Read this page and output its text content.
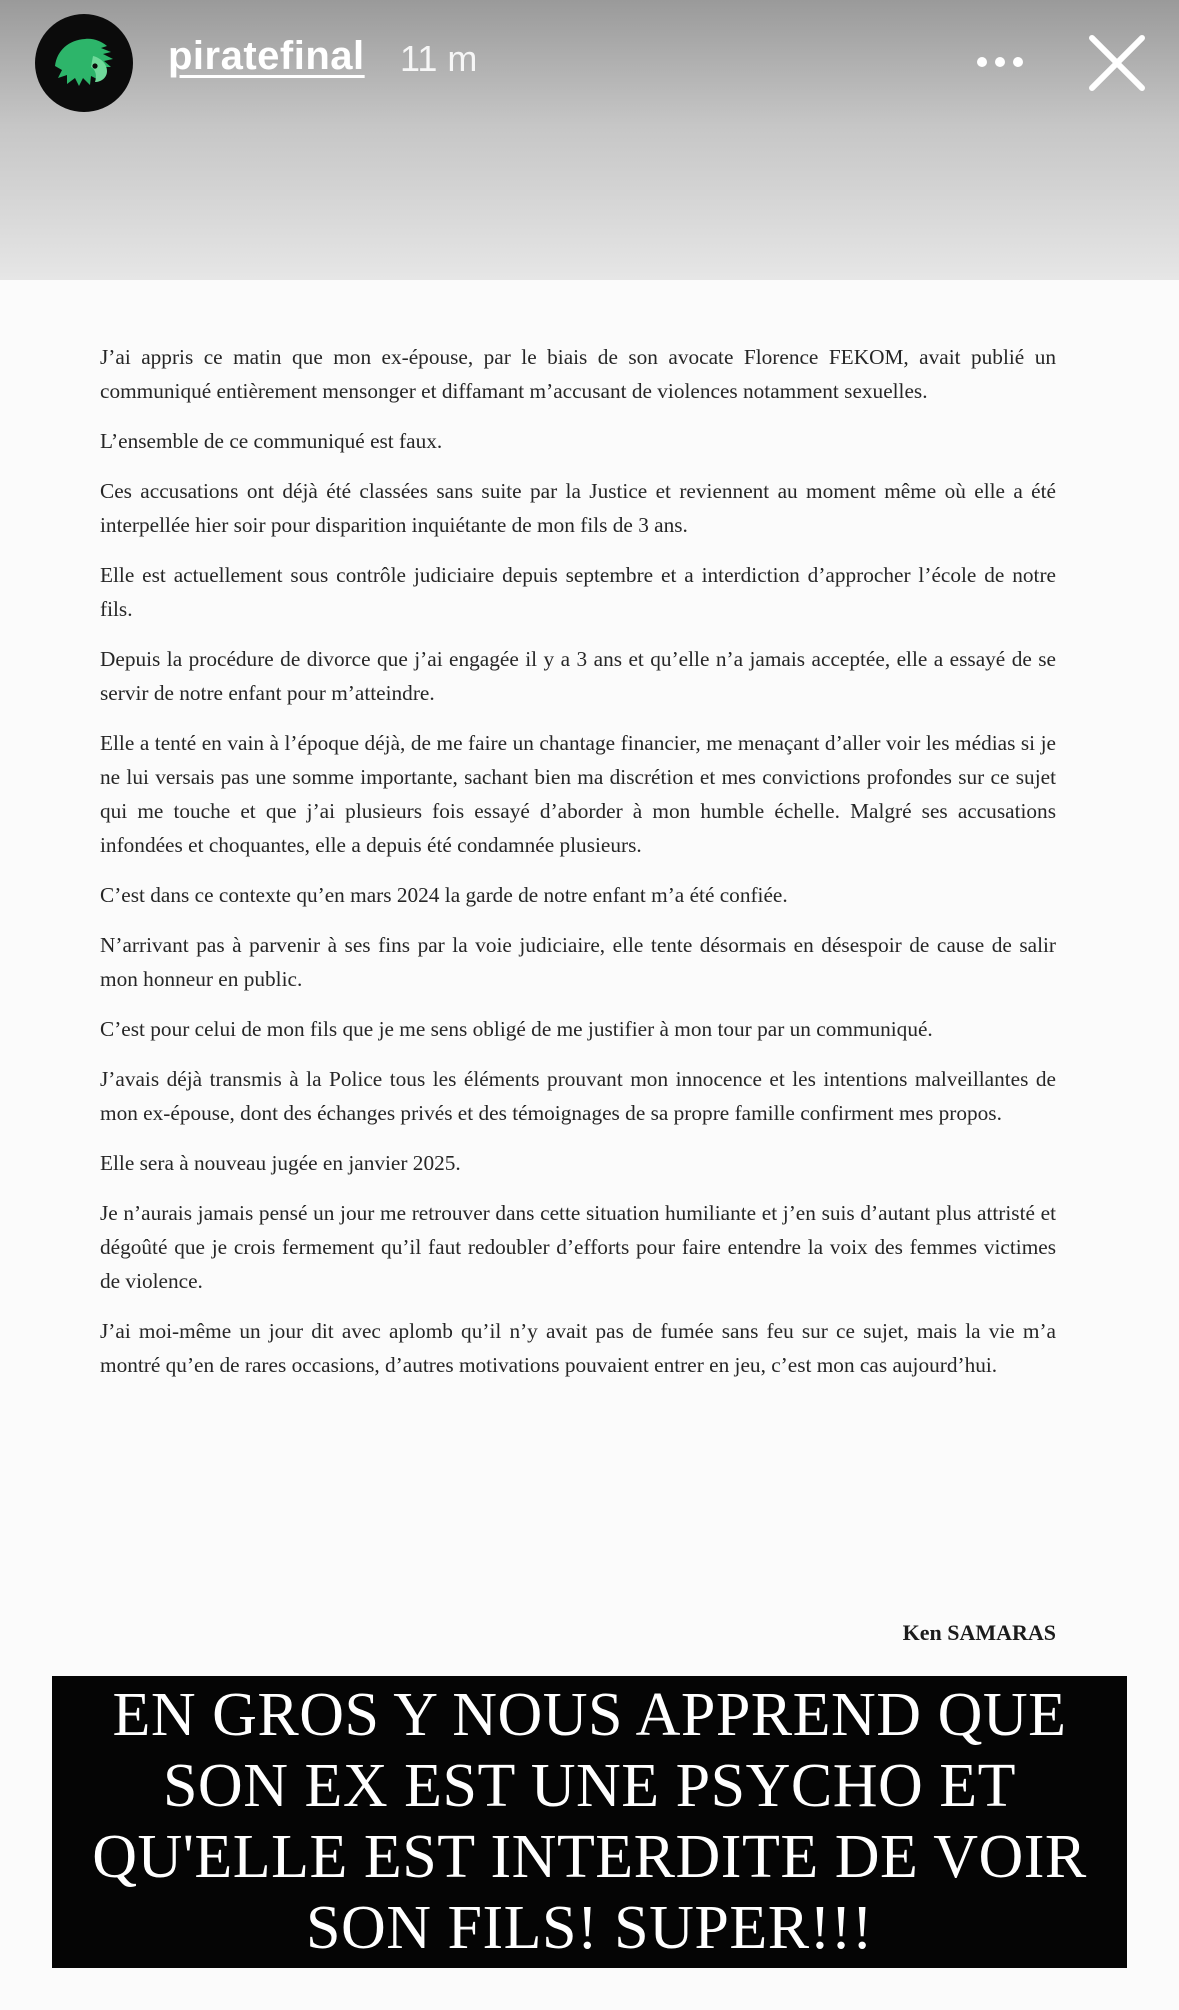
piratefinal 11 m

J’ai appris ce matin que mon ex-épouse, par le biais de son avocate Florence FEKOM, avait publié un communiqué entièrement mensonger et diffamant m’accusant de violences notamment sexuelles.

L’ensemble de ce communiqué est faux.

Ces accusations ont déjà été classées sans suite par la Justice et reviennent au moment même où elle a été interpellée hier soir pour disparition inquiétante de mon fils de 3 ans.

Elle est actuellement sous contrôle judiciaire depuis septembre et a interdiction d’approcher l’école de notre fils.

Depuis la procédure de divorce que j’ai engagée il y a 3 ans et qu’elle n’a jamais acceptée, elle a essayé de se servir de notre enfant pour m’atteindre.

Elle a tenté en vain à l’époque déjà, de me faire un chantage financier, me menaçant d’aller voir les médias si je ne lui versais pas une somme importante, sachant bien ma discrétion et mes convictions profondes sur ce sujet qui me touche et que j’ai plusieurs fois essayé d’aborder à mon humble échelle. Malgré ses accusations infondées et choquantes, elle a depuis été condamnée plusieurs.

C’est dans ce contexte qu’en mars 2024 la garde de notre enfant m’a été confiée.

N’arrivant pas à parvenir à ses fins par la voie judiciaire, elle tente désormais en désespoir de cause de salir mon honneur en public.

C’est pour celui de mon fils que je me sens obligé de me justifier à mon tour par un communiqué.

J’avais déjà transmis à la Police tous les éléments prouvant mon innocence et les intentions malveillantes de mon ex-épouse, dont des échanges privés et des témoignages de sa propre famille confirment mes propos.

Elle sera à nouveau jugée en janvier 2025.

Je n’aurais jamais pensé un jour me retrouver dans cette situation humiliante et j’en suis d’autant plus attristé et dégoûté que je crois fermement qu’il faut redoubler d’efforts pour faire entendre la voix des femmes victimes de violence.

J’ai moi-même un jour dit avec aplomb qu’il n’y avait pas de fumée sans feu sur ce sujet, mais la vie m’a montré qu’en de rares occasions, d’autres motivations pouvaient entrer en jeu, c’est mon cas aujourd’hui.

Ken SAMARAS
EN GROS Y NOUS APPREND QUE SON EX EST UNE PSYCHO ET QU'ELLE EST INTERDITE DE VOIR SON FILS! SUPER!!!
